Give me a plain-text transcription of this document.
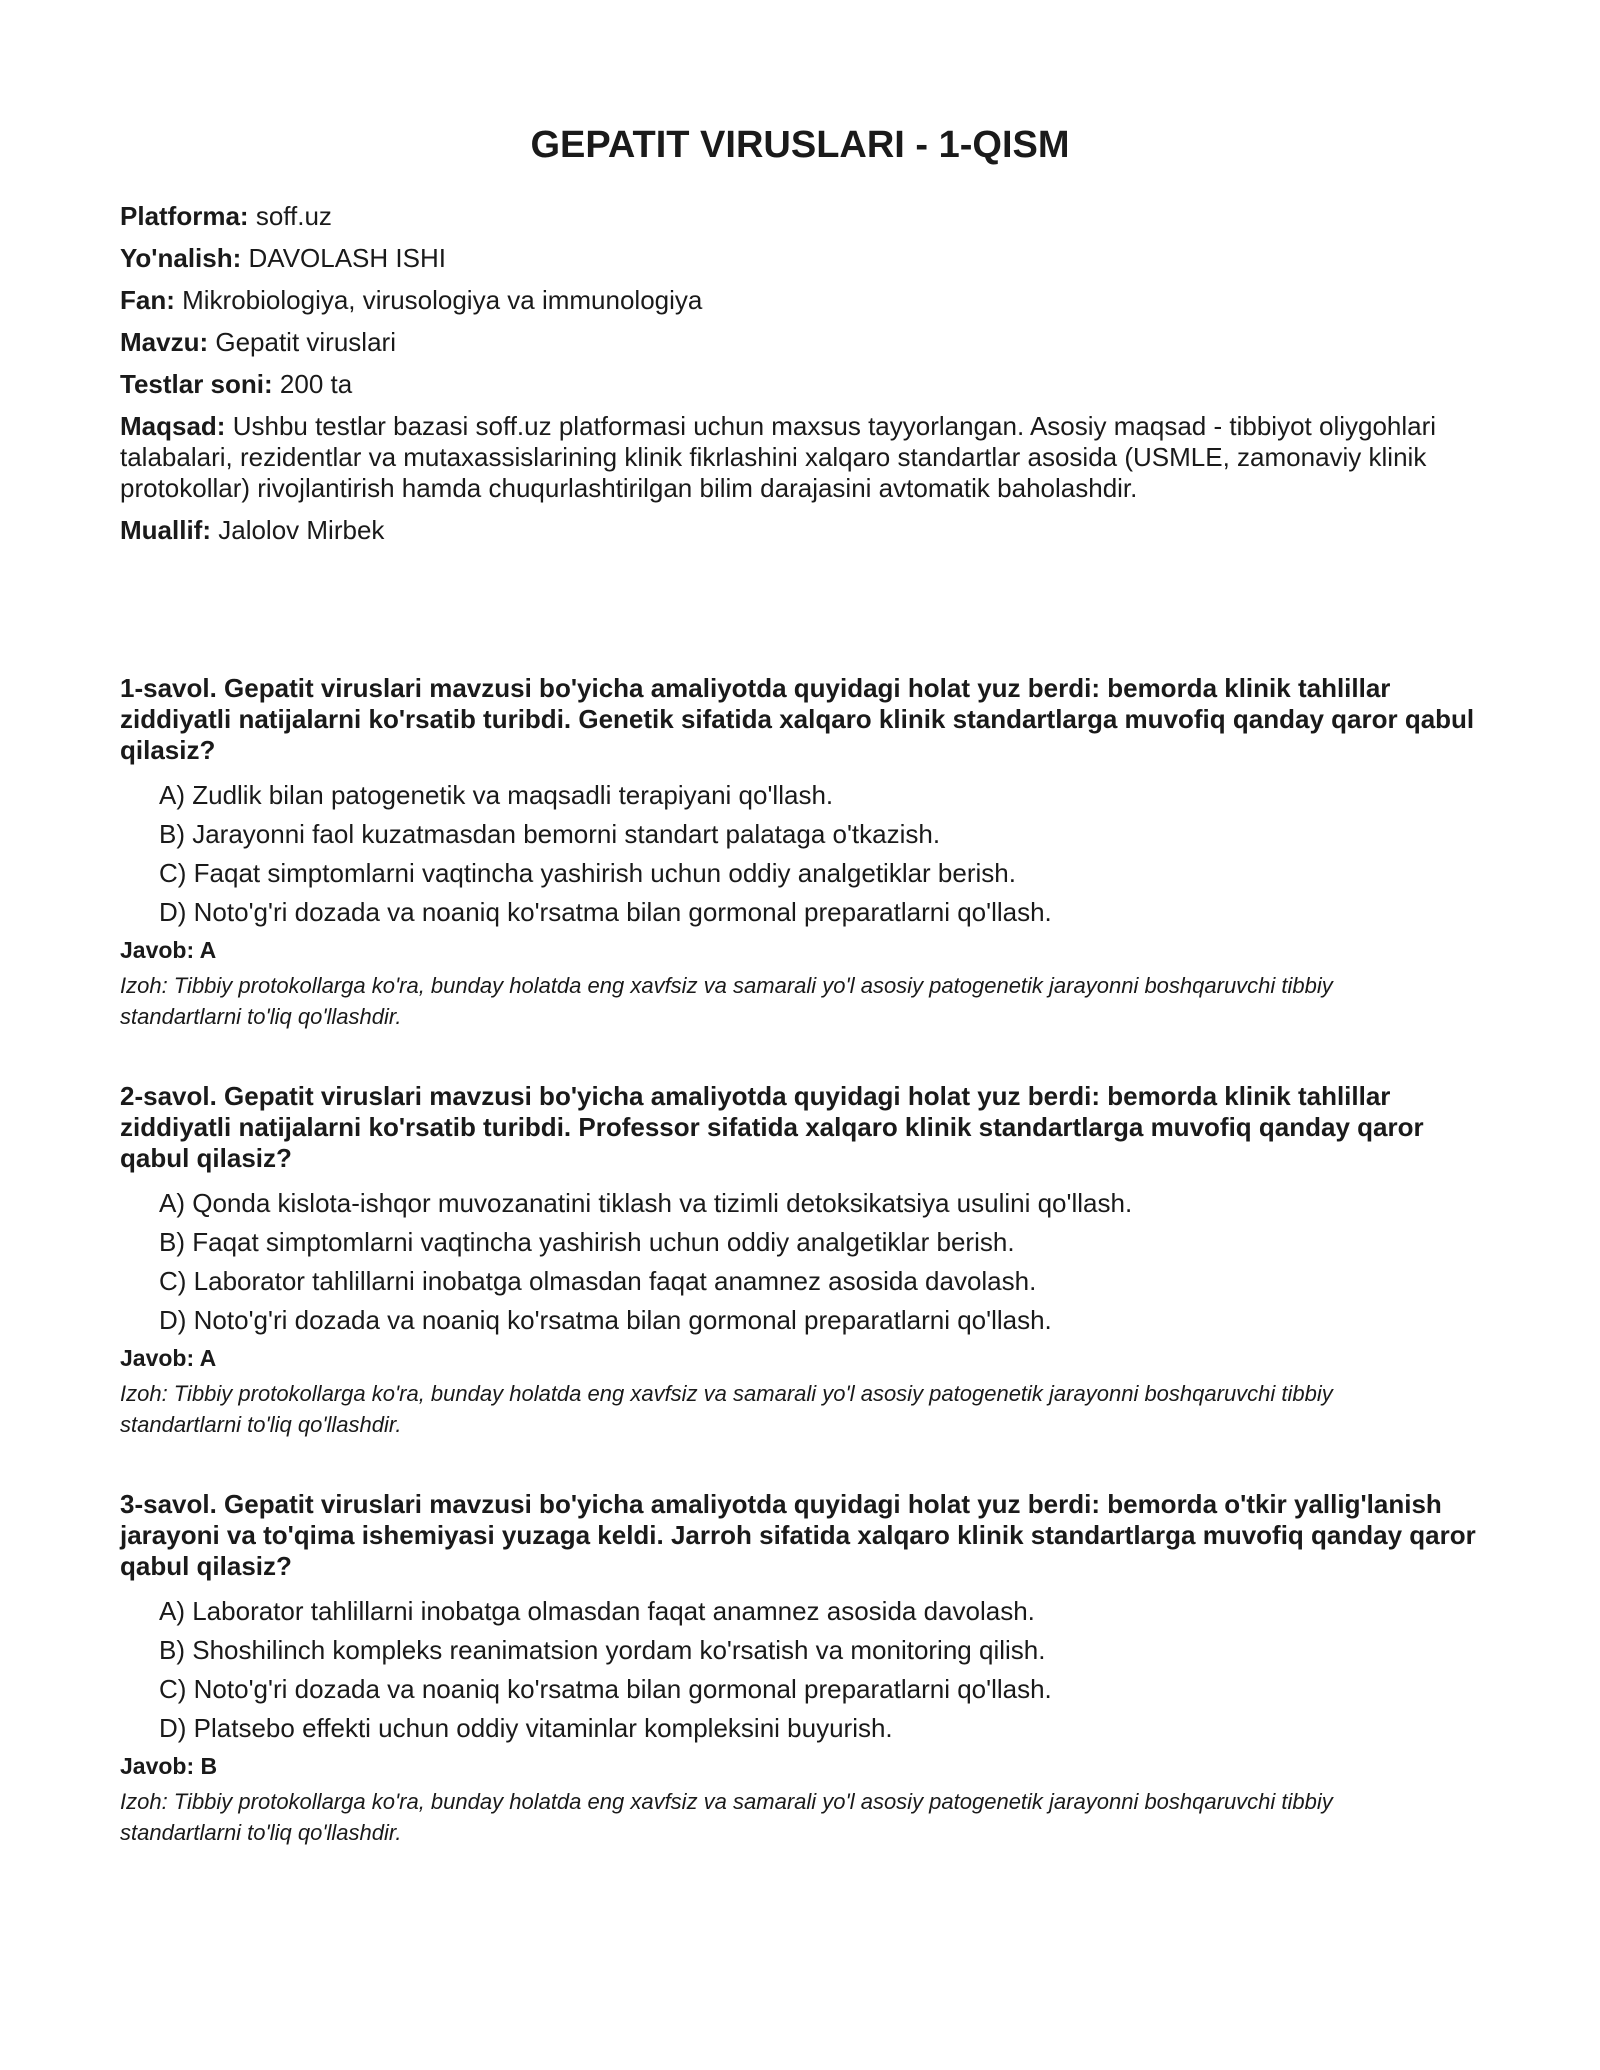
GEPATIT VIRUSLARI - 1-QISM

Platforma: soff.uz

Yo'nalish: DAVOLASH ISHI

Fan: Mikrobiologiya, virusologiya va immunologiya

Mavzu: Gepatit viruslari

Testlar soni: 200 ta

Maqsad: Ushbu testlar bazasi soff.uz platformasi uchun maxsus tayyorlangan. Asosiy maqsad - tibbiyot oliygohlari talabalari, rezidentlar va mutaxassislarining klinik fikrlashini xalqaro standartlar asosida (USMLE, zamonaviy klinik protokollar) rivojlantirish hamda chuqurlashtirilgan bilim darajasini avtomatik baholashdir.

Muallif: Jalolov Mirbek

1-savol. Gepatit viruslari mavzusi bo'yicha amaliyotda quyidagi holat yuz berdi: bemorda klinik tahlillar ziddiyatli natijalarni ko'rsatib turibdi. Genetik sifatida xalqaro klinik standartlarga muvofiq qanday qaror qabul qilasiz?

A) Zudlik bilan patogenetik va maqsadli terapiyani qo'llash.
B) Jarayonni faol kuzatmasdan bemorni standart palataga o'tkazish.
C) Faqat simptomlarni vaqtincha yashirish uchun oddiy analgetiklar berish.
D) Noto'g'ri dozada va noaniq ko'rsatma bilan gormonal preparatlarni qo'llash.

Javob: A

Izoh: Tibbiy protokollarga ko'ra, bunday holatda eng xavfsiz va samarali yo'l asosiy patogenetik jarayonni boshqaruvchi tibbiy standartlarni to'liq qo'llashdir.

2-savol. Gepatit viruslari mavzusi bo'yicha amaliyotda quyidagi holat yuz berdi: bemorda klinik tahlillar ziddiyatli natijalarni ko'rsatib turibdi. Professor sifatida xalqaro klinik standartlarga muvofiq qanday qaror qabul qilasiz?

A) Qonda kislota-ishqor muvozanatini tiklash va tizimli detoksikatsiya usulini qo'llash.
B) Faqat simptomlarni vaqtincha yashirish uchun oddiy analgetiklar berish.
C) Laborator tahlillarni inobatga olmasdan faqat anamnez asosida davolash.
D) Noto'g'ri dozada va noaniq ko'rsatma bilan gormonal preparatlarni qo'llash.

Javob: A

Izoh: Tibbiy protokollarga ko'ra, bunday holatda eng xavfsiz va samarali yo'l asosiy patogenetik jarayonni boshqaruvchi tibbiy standartlarni to'liq qo'llashdir.

3-savol. Gepatit viruslari mavzusi bo'yicha amaliyotda quyidagi holat yuz berdi: bemorda o'tkir yallig'lanish jarayoni va to'qima ishemiyasi yuzaga keldi. Jarroh sifatida xalqaro klinik standartlarga muvofiq qanday qaror qabul qilasiz?

A) Laborator tahlillarni inobatga olmasdan faqat anamnez asosida davolash.
B) Shoshilinch kompleks reanimatsion yordam ko'rsatish va monitoring qilish.
C) Noto'g'ri dozada va noaniq ko'rsatma bilan gormonal preparatlarni qo'llash.
D) Platsebo effekti uchun oddiy vitaminlar kompleksini buyurish.

Javob: B

Izoh: Tibbiy protokollarga ko'ra, bunday holatda eng xavfsiz va samarali yo'l asosiy patogenetik jarayonni boshqaruvchi tibbiy standartlarni to'liq qo'llashdir.
